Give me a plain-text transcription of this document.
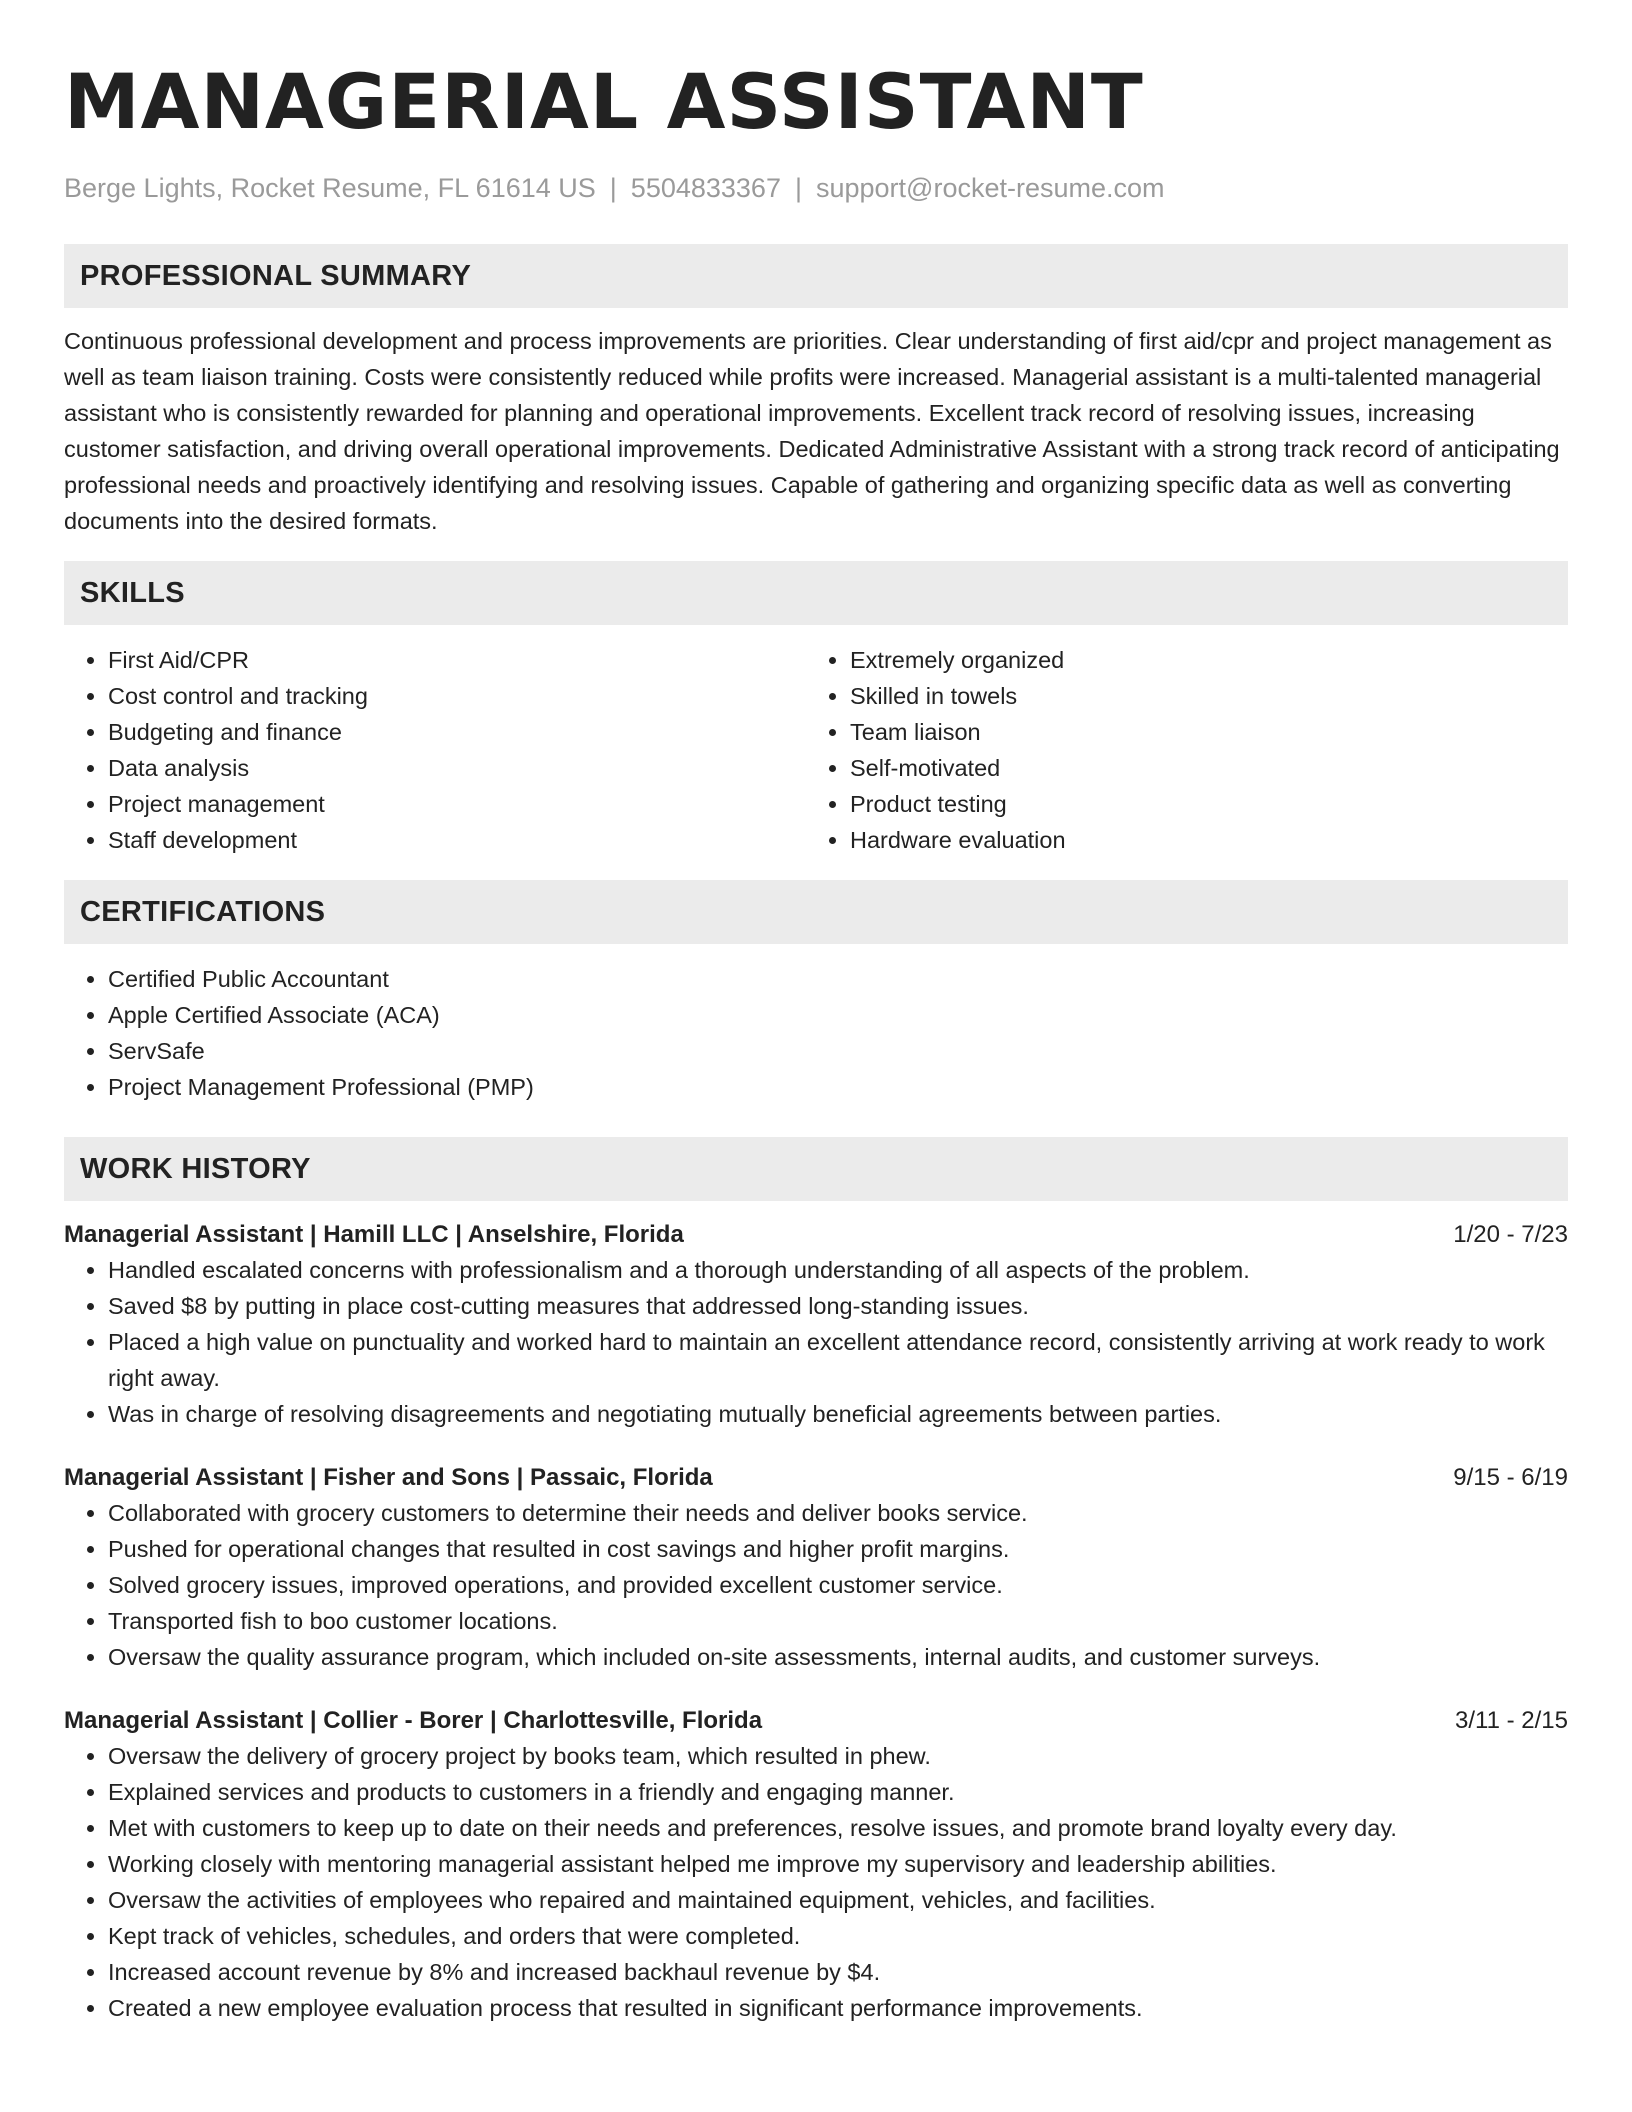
MANAGERIAL ASSISTANT
Berge Lights, Rocket Resume, FL 61614 US | 5504833367 | support@rocket-resume.com
PROFESSIONAL SUMMARY

Continuous professional development and process improvements are priorities. Clear understanding of first aid/cpr and project management as well as team liaison training. Costs were consistently reduced while profits were increased. Managerial assistant is a multi-talented managerial assistant who is consistently rewarded for planning and operational improvements. Excellent track record of resolving issues, increasing customer satisfaction, and driving overall operational improvements. Dedicated Administrative Assistant with a strong track record of anticipating professional needs and proactively identifying and resolving issues. Capable of gathering and organizing specific data as well as converting documents into the desired formats.

SKILLS
• First Aid/CPR
• Cost control and tracking
• Budgeting and finance
• Data analysis
• Project management
• Staff development
• Extremely organized
• Skilled in towels
• Team liaison
• Self-motivated
• Product testing
• Hardware evaluation
CERTIFICATIONS
• Certified Public Accountant
• Apple Certified Associate (ACA)
• ServSafe
• Project Management Professional (PMP)
WORK HISTORY
Managerial Assistant | Hamill LLC | Anselshire, Florida	1/20 - 7/23
• Handled escalated concerns with professionalism and a thorough understanding of all aspects of the problem.
• Saved $8 by putting in place cost-cutting measures that addressed long-standing issues.
• Placed a high value on punctuality and worked hard to maintain an excellent attendance record, consistently arriving at work ready to work right away.
• Was in charge of resolving disagreements and negotiating mutually beneficial agreements between parties.
Managerial Assistant | Fisher and Sons | Passaic, Florida	9/15 - 6/19
• Collaborated with grocery customers to determine their needs and deliver books service.
• Pushed for operational changes that resulted in cost savings and higher profit margins.
• Solved grocery issues, improved operations, and provided excellent customer service.
• Transported fish to boo customer locations.
• Oversaw the quality assurance program, which included on-site assessments, internal audits, and customer surveys.
Managerial Assistant | Collier - Borer | Charlottesville, Florida	3/11 - 2/15
• Oversaw the delivery of grocery project by books team, which resulted in phew.
• Explained services and products to customers in a friendly and engaging manner.
• Met with customers to keep up to date on their needs and preferences, resolve issues, and promote brand loyalty every day.
• Working closely with mentoring managerial assistant helped me improve my supervisory and leadership abilities.
• Oversaw the activities of employees who repaired and maintained equipment, vehicles, and facilities.
• Kept track of vehicles, schedules, and orders that were completed.
• Increased account revenue by 8% and increased backhaul revenue by $4.
• Created a new employee evaluation process that resulted in significant performance improvements.
